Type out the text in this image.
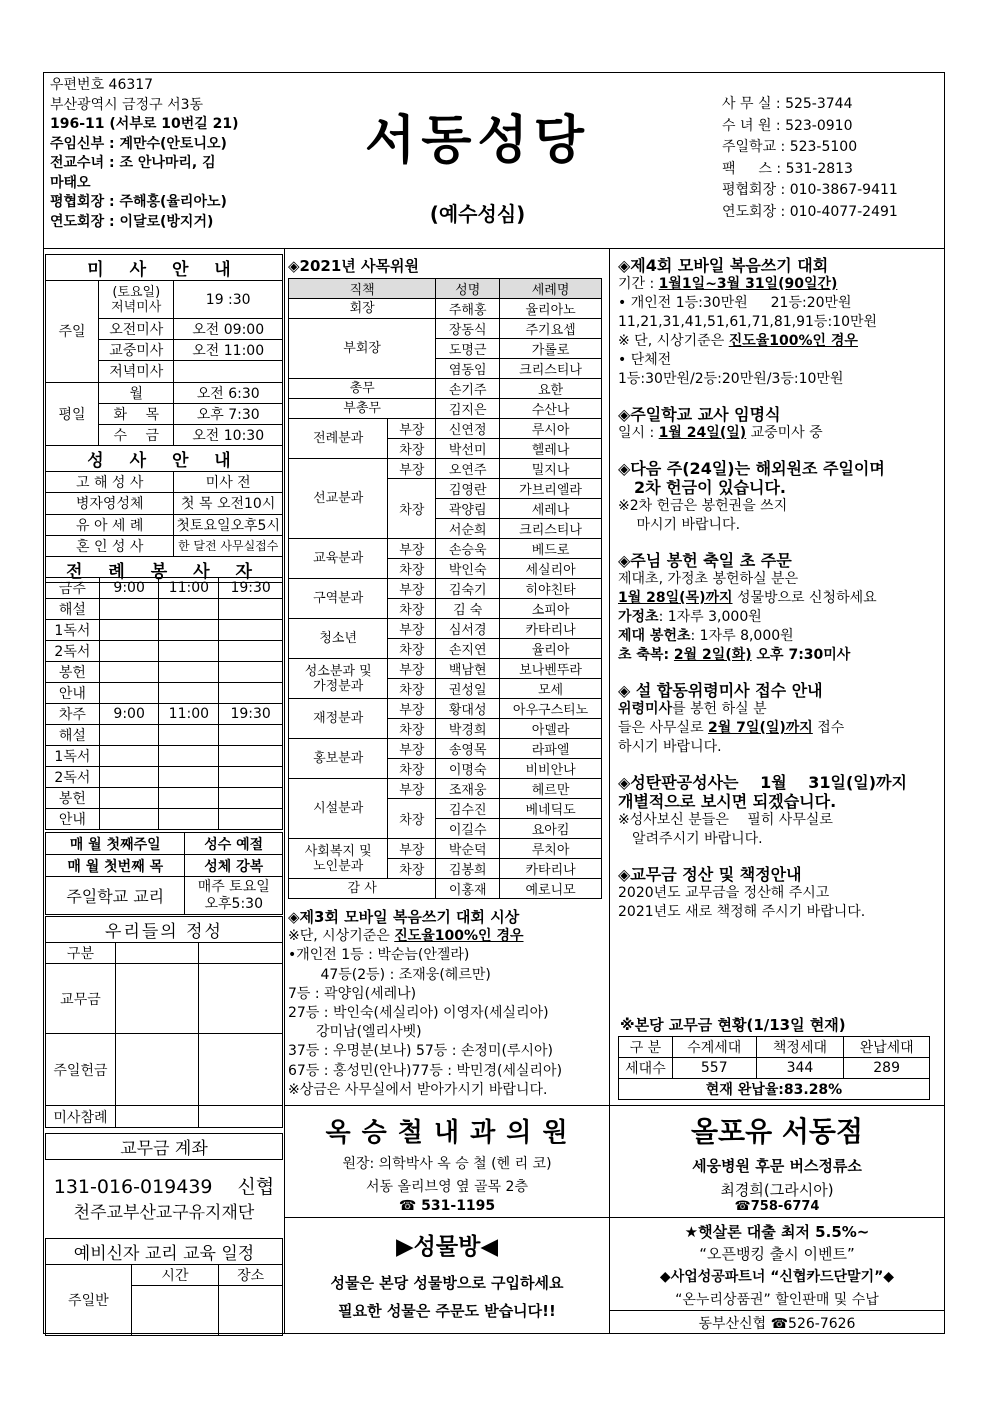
우편번호 46317
부산광역시 금정구 서3동
196-11 (서부로 10번길 21)
주임신부 : 계만수(안토니오)
전교수녀 : 조 안나마리, 김
마태오
평협회장 : 주해홍(율리아노)
연도회장 : 이달로(방지거)
서동성당
(예수성심)
사 무 실 : 525-3744
수 녀 원 : 523-0910
주일학교 : 523-5100
팩 　 스 : 531-2813
평협회장 : 010-3867-9411
연도회장 : 010-4077-2491
미 사 안 내		
주일	(토요일)
저녁미사	19 :30
	오전미사	오전 09:00
	교중미사	오전 11:00
	저녁미사	
평일	월	오전 6:30
	화 　목	오후 7:30
	수 　금	오전 10:30
성 사 안 내		
고 해 성 사		미사 전
병자영성체		첫 목 오전10시
유 아 세 례		첫토요일오후5시
혼 인 성 사		한 달전 사무실접수
전 례 봉 사 자		
금주	9:00	11:00	19:30
해설			
1독서			
2독서			
봉헌			
안내			
차주	9:00	11:00	19:30
해설			
1독서			
2독서			
봉헌			
안내			
매 월 첫째주일	성수 예절
매 월 첫번째 목	성체 강복
주일학교 교리	매주 토요일
오후5:30
우리들의 정성		
구분		
교무금		
주일헌금		
미사참례		
교무금 계좌
131-016-019439 　신협
천주교부산교구유지재단
예비신자 교리 교육 일정		
주일반	시간	장소

◈2021년 사목위원
직책		성명	세례명
회장		주해홍	율리아노
부회장		장동식	주기요셉
		도명근	가롤로
		염동임	크리스티나
총무		손기주	요한
부총무		김지은	수산나
전례분과	부장	신연정	루시아
	차장	박선미	헬레나
선교분과	부장	오연주	밀지나
	차장	김영란	가브리엘라
		곽양림	세레나
		서순희	크리스티나
교육분과	부장	손승욱	베드로
	차장	박인숙	세실리아
구역분과	부장	김숙기	히야친타
	차장	김 숙	소피아
청소년	부장	심서경	카타리나
	차장	손지연	율리아
성소분과 및
가정분과	부장	백남현	보나벤뚜라
	차장	권성일	모세
재정분과	부장	황대성	아우구스티노
	차장	박경희	아델라
홍보분과	부장	송영목	라파엘
	차장	이명숙	비비안나
시설분과	부장	조재웅	헤르만
	차장	김수진	베네딕도
		이길수	요아킴
사회복지 및
노인분과	부장	박순덕	루치아
	차장	김봉희	카타리나
감 사		이홍재	예로니모
◈제3회 모바일 복음쓰기 대회 시상
※단, 시상기준은 진도율100%인 경우
•개인전 1등 : 박순늠(안젤라)
　　 47등(2등) : 조재웅(헤르만)
7등 : 곽양임(세레나)
27등 : 박인숙(세실리아) 이영자(세실리아)
　　강미남(엘리사벳)
37등 : 우명분(보나) 57등 : 손정미(루시아)
67등 : 홍성민(안나)77등 : 박민경(세실리아)
※상금은 사무실에서 받아가시기 바랍니다.
◈제4회 모바일 복음쓰기 대회
기간 : 1월1일~3월 31일(90일간)
• 개인전 1등:30만원 　 21등:20만원
11,21,31,41,51,61,71,81,91등:10만원
※ 단, 시상기준은 진도율100%인 경우
• 단체전
1등:30만원/2등:20만원/3등:10만원
◈주일학교 교사 임명식
일시 : 1월 24일(일) 교중미사 중
◈다음 주(24일)는 해외원조 주일이며
　2차 헌금이 있습니다.
※2차 헌금은 봉헌권을 쓰지
　 마시기 바랍니다.
◈주님 봉헌 축일 초 주문
제대초, 가정초 봉헌하실 분은
1월 28일(목)까지 성물방으로 신청하세요
가정초: 1자루 3,000원
제대 봉헌초: 1자루 8,000원
초 축복: 2월 2일(화) 오후 7:30미사
◈ 설 합동위령미사 접수 안내
위령미사를 봉헌 하실 분
들은 사무실로 2월 7일(일)까지 접수
하시기 바랍니다.
◈성탄판공성사는 　1월 　31일(일)까지
개별적으로 보시면 되겠습니다.
※성사보신 분들은 　필히 사무실로
　알려주시기 바랍니다.
◈교무금 정산 및 책정안내
2020년도 교무금을 정산해 주시고
2021년도 새로 책정해 주시기 바랍니다.
※본당 교무금 현황(1/13일 현재)
구 분	수계세대	책정세대	완납세대
세대수	557	344	289
현재 완납율:83.28%			
옥 승 철 내 과 의 원
원장: 의학박사 옥 승 철 (헨 리 코)
서동 올리브영 옆 골목 2층
☎ 531-1195
▶성물방◀
성물은 본당 성물방으로 구입하세요
필요한 성물은 주문도 받습니다!!
올포유 서동점
세웅병원 후문 버스정류소
최경희(그라시아)
☎758-6774
★햇살론 대출 최저 5.5%~
“오픈뱅킹 출시 이벤트”
◆사업성공파트너 “신협카드단말기”◆
“온누리상품권” 할인판매 및 수납
동부산신협 ☎526-7626
